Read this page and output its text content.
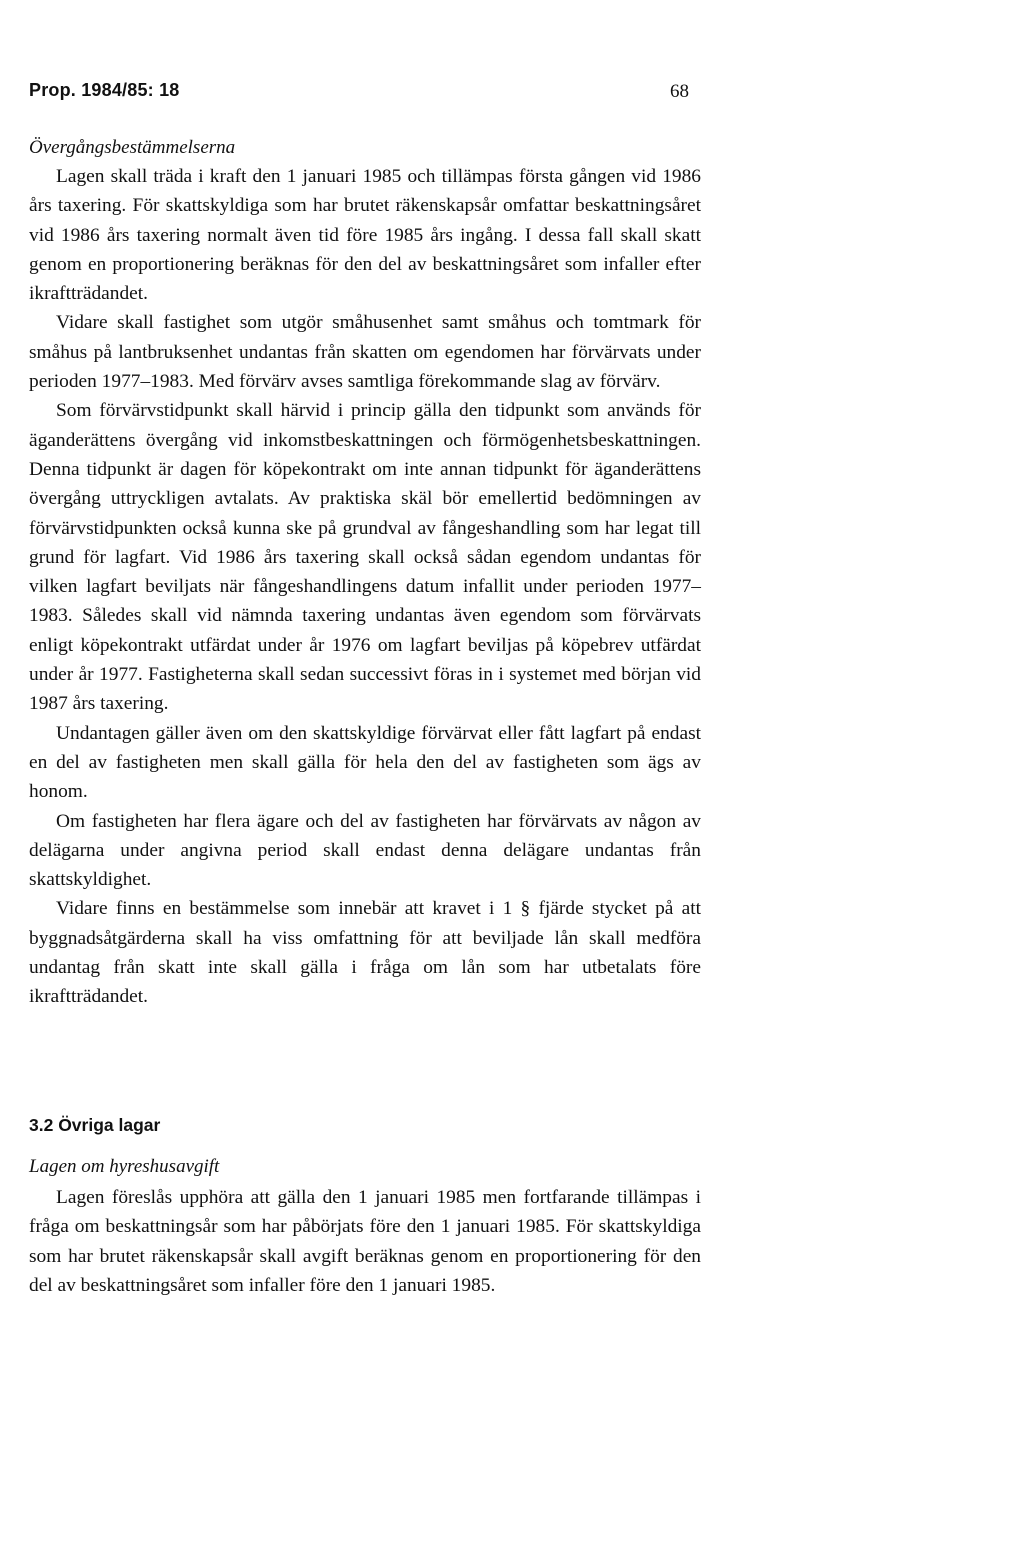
Prop. 1984/85: 18	68
Övergångsbestämmelserna

Lagen skall träda i kraft den 1 januari 1985 och tillämpas första gången vid 1986 års taxering. För skattskyldiga som har brutet räkenskapsår omfattar beskattningsåret vid 1986 års taxering normalt även tid före 1985 års ingång. I dessa fall skall skatt genom en proportionering beräknas för den del av beskattningsåret som infaller efter ikraftträdandet.

Vidare skall fastighet som utgör småhusenhet samt småhus och tomtmark för småhus på lantbruksenhet undantas från skatten om egendomen har förvärvats under perioden 1977–1983. Med förvärv avses samtliga förekommande slag av förvärv.

Som förvärvstidpunkt skall härvid i princip gälla den tidpunkt som används för äganderättens övergång vid inkomstbeskattningen och förmögenhetsbeskattningen. Denna tidpunkt är dagen för köpekontrakt om inte annan tidpunkt för äganderättens övergång uttryckligen avtalats. Av praktiska skäl bör emellertid bedömningen av förvärvstidpunkten också kunna ske på grundval av fångeshandling som har legat till grund för lagfart. Vid 1986 års taxering skall också sådan egendom undantas för vilken lagfart beviljats när fångeshandlingens datum infallit under perioden 1977–1983. Således skall vid nämnda taxering undantas även egendom som förvärvats enligt köpekontrakt utfärdat under år 1976 om lagfart beviljas på köpebrev utfärdat under år 1977. Fastigheterna skall sedan successivt föras in i systemet med början vid 1987 års taxering.

Undantagen gäller även om den skattskyldige förvärvat eller fått lagfart på endast en del av fastigheten men skall gälla för hela den del av fastigheten som ägs av honom.

Om fastigheten har flera ägare och del av fastigheten har förvärvats av någon av delägarna under angivna period skall endast denna delägare undantas från skattskyldighet.

Vidare finns en bestämmelse som innebär att kravet i 1 § fjärde stycket på att byggnadsåtgärderna skall ha viss omfattning för att beviljade lån skall medföra undantag från skatt inte skall gälla i fråga om lån som har utbetalats före ikraftträdandet.

3.2 Övriga lagar
Lagen om hyreshusavgift

Lagen föreslås upphöra att gälla den 1 januari 1985 men fortfarande tillämpas i fråga om beskattningsår som har påbörjats före den 1 januari 1985. För skattskyldiga som har brutet räkenskapsår skall avgift beräknas genom en proportionering för den del av beskattningsåret som infaller före den 1 januari 1985.
